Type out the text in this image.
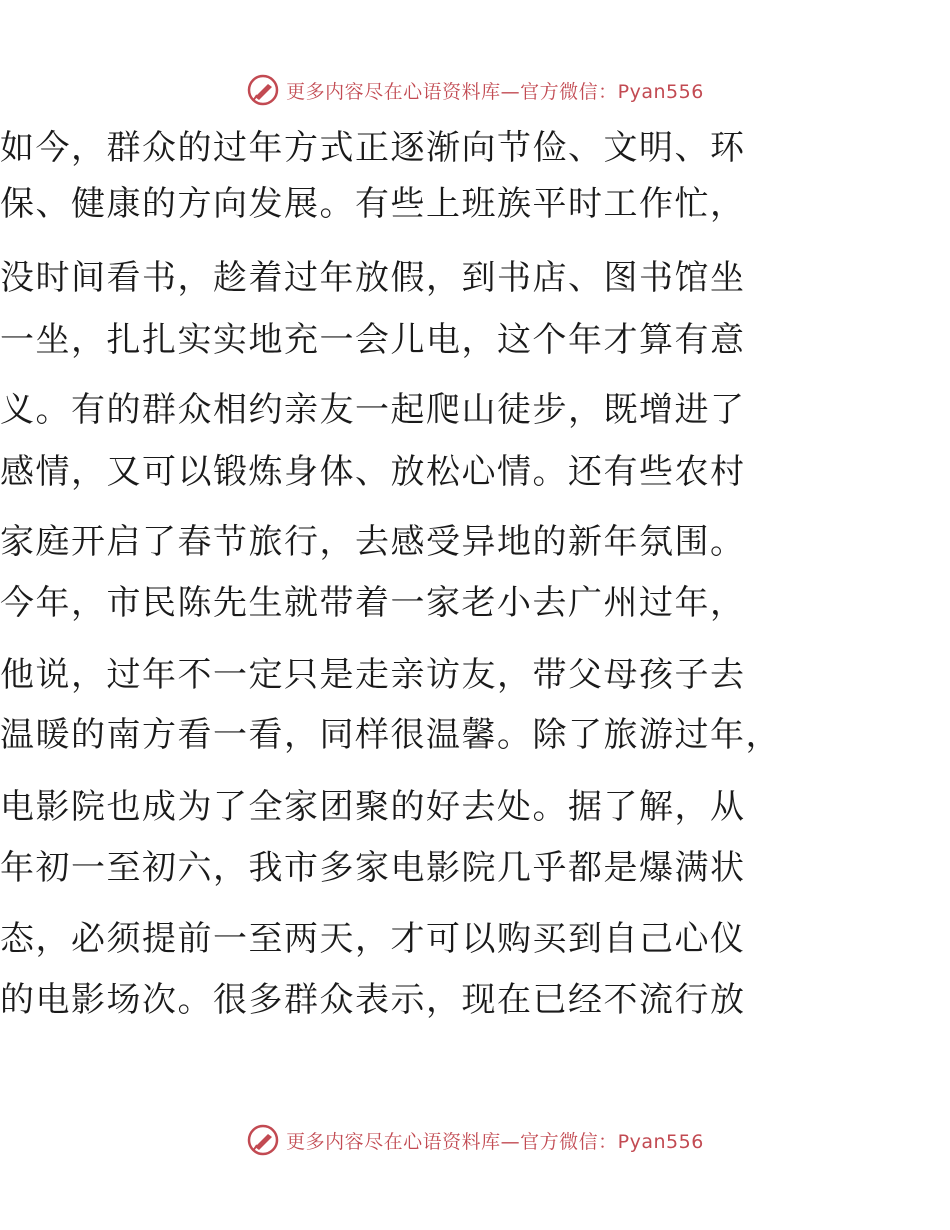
更多内容尽在心语资料库—官方微信：Pyan556
如今，群众的过年方式正逐渐向节俭、文明、环
保、健康的方向发展。有些上班族平时工作忙，
没时间看书，趁着过年放假，到书店、图书馆坐
一坐，扎扎实实地充一会儿电，这个年才算有意
义。有的群众相约亲友一起爬山徒步，既增进了
感情，又可以锻炼身体、放松心情。还有些农村
家庭开启了春节旅行，去感受异地的新年氛围。
今年，市民陈先生就带着一家老小去广州过年，
他说，过年不一定只是走亲访友，带父母孩子去
温暖的南方看一看，同样很温馨。除了旅游过年，
电影院也成为了全家团聚的好去处。据了解，从
年初一至初六，我市多家电影院几乎都是爆满状
态，必须提前一至两天，才可以购买到自己心仪
的电影场次。很多群众表示，现在已经不流行放
更多内容尽在心语资料库—官方微信：Pyan556
